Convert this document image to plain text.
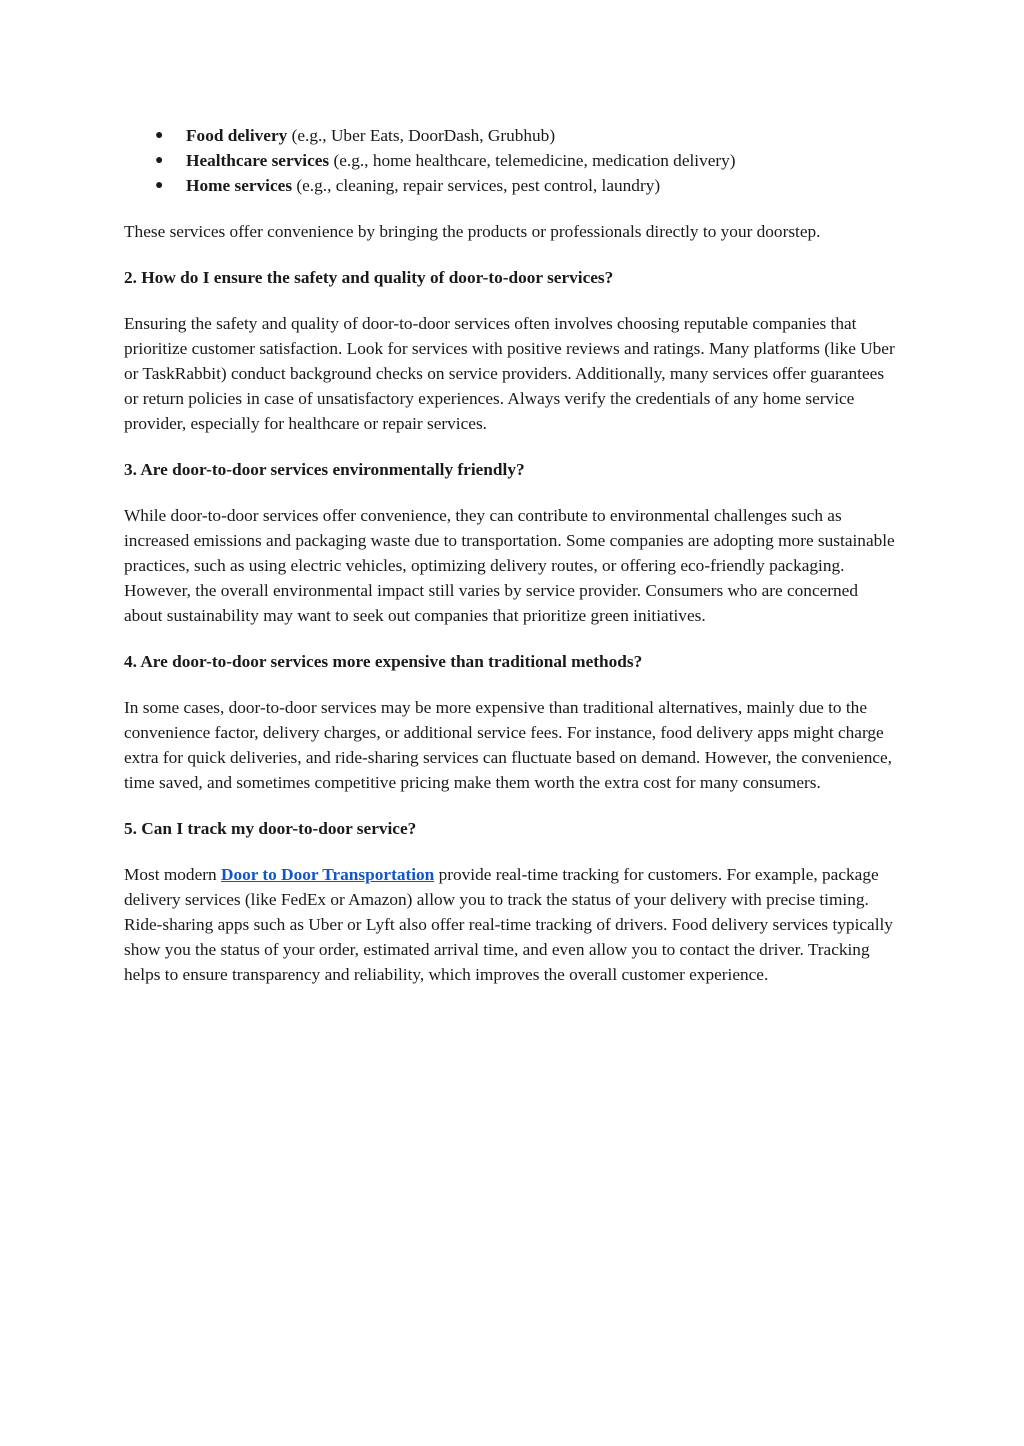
● Food delivery (e.g., Uber Eats, DoorDash, Grubhub)
● Healthcare services (e.g., home healthcare, telemedicine, medication delivery)
● Home services (e.g., cleaning, repair services, pest control, laundry)

These services offer convenience by bringing the products or professionals directly to your doorstep.

2. How do I ensure the safety and quality of door-to-door services?

Ensuring the safety and quality of door-to-door services often involves choosing reputable companies that prioritize customer satisfaction. Look for services with positive reviews and ratings. Many platforms (like Uber or TaskRabbit) conduct background checks on service providers. Additionally, many services offer guarantees or return policies in case of unsatisfactory experiences. Always verify the credentials of any home service provider, especially for healthcare or repair services.

3. Are door-to-door services environmentally friendly?

While door-to-door services offer convenience, they can contribute to environmental challenges such as increased emissions and packaging waste due to transportation. Some companies are adopting more sustainable practices, such as using electric vehicles, optimizing delivery routes, or offering eco-friendly packaging. However, the overall environmental impact still varies by service provider. Consumers who are concerned about sustainability may want to seek out companies that prioritize green initiatives.

4. Are door-to-door services more expensive than traditional methods?

In some cases, door-to-door services may be more expensive than traditional alternatives, mainly due to the convenience factor, delivery charges, or additional service fees. For instance, food delivery apps might charge extra for quick deliveries, and ride-sharing services can fluctuate based on demand. However, the convenience, time saved, and sometimes competitive pricing make them worth the extra cost for many consumers.

5. Can I track my door-to-door service?

Most modern Door to Door Transportation provide real-time tracking for customers. For example, package delivery services (like FedEx or Amazon) allow you to track the status of your delivery with precise timing. Ride-sharing apps such as Uber or Lyft also offer real-time tracking of drivers. Food delivery services typically show you the status of your order, estimated arrival time, and even allow you to contact the driver. Tracking helps to ensure transparency and reliability, which improves the overall customer experience.
